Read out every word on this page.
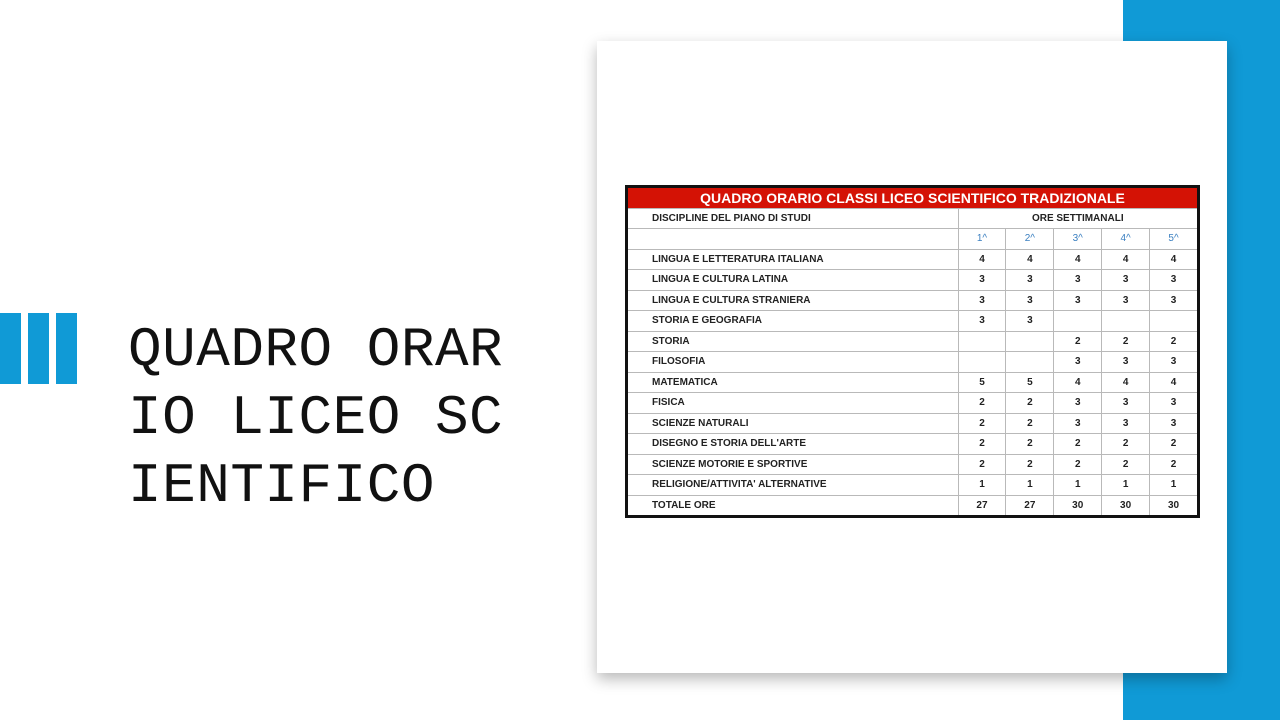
QUADRO ORARIO LICEO SCIENTIFICO
QUADRO ORARIO CLASSI LICEO SCIENTIFICO TRADIZIONALE					
DISCIPLINE DEL PIANO DI STUDI	ORE SETTIMANALI				
	1^	2^	3^	4^	5^
LINGUA E LETTERATURA ITALIANA	4	4	4	4	4
LINGUA E CULTURA LATINA	3	3	3	3	3
LINGUA E CULTURA STRANIERA	3	3	3	3	3
STORIA E GEOGRAFIA	3	3			
STORIA			2	2	2
FILOSOFIA			3	3	3
MATEMATICA	5	5	4	4	4
FISICA	2	2	3	3	3
SCIENZE NATURALI	2	2	3	3	3
DISEGNO E STORIA DELL'ARTE	2	2	2	2	2
SCIENZE MOTORIE E SPORTIVE	2	2	2	2	2
RELIGIONE/ATTIVITA' ALTERNATIVE	1	1	1	1	1
TOTALE ORE	27	27	30	30	30
